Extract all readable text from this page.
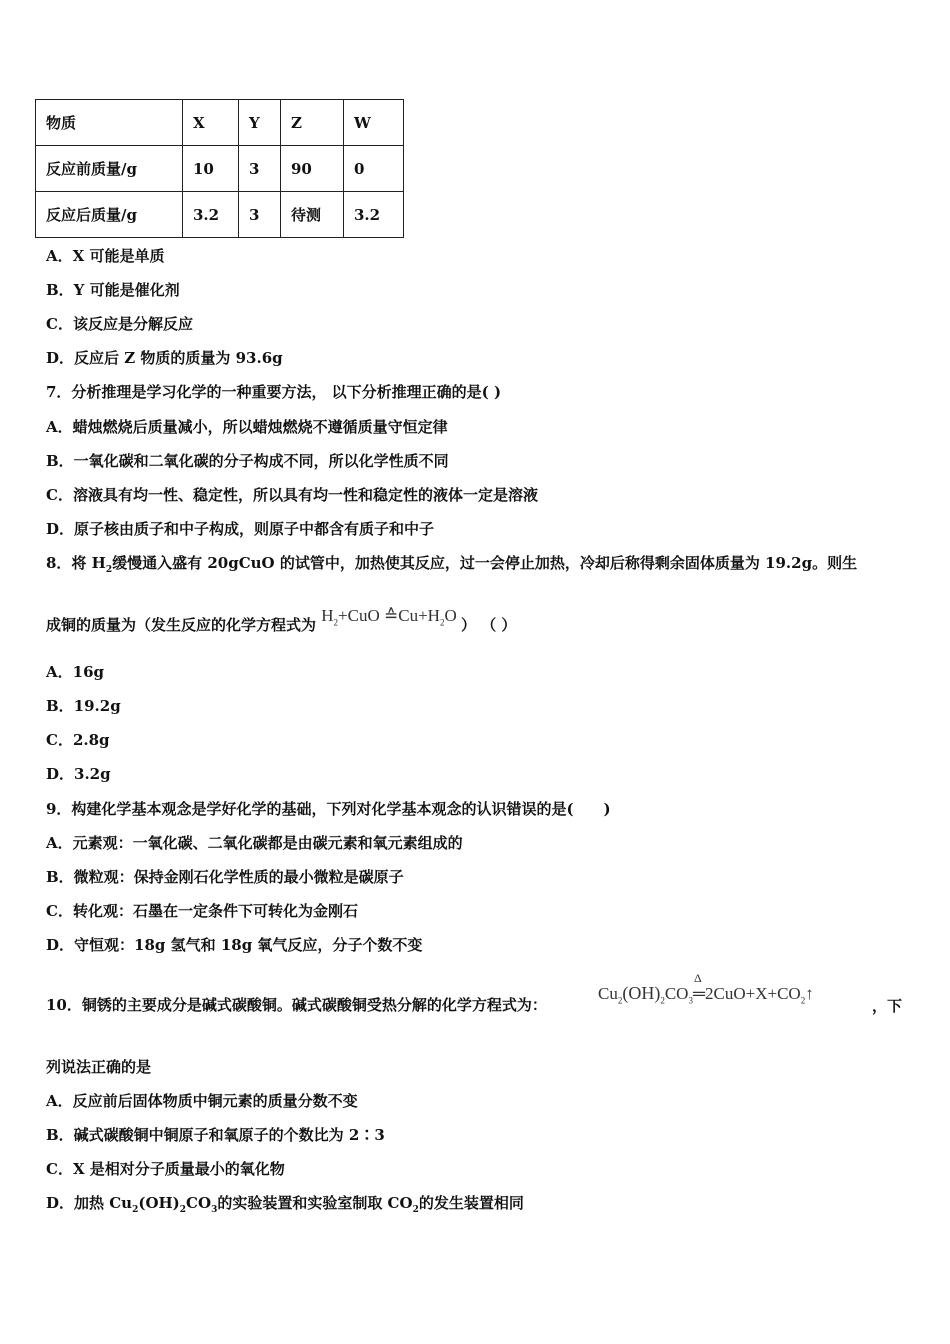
物质	X	Y	Z	W
反应前质量/g	10	3	90	0
反应后质量/g	3.2	3	待测	3.2
A．X 可能是单质
B．Y 可能是催化剂
C．该反应是分解反应
D．反应后 Z 物质的质量为 93.6g
7．分析推理是学习化学的一种重要方法， 以下分析推理正确的是( )
A．蜡烛燃烧后质量减小，所以蜡烛燃烧不遵循质量守恒定律
B．一氧化碳和二氧化碳的分子构成不同，所以化学性质不同
C．溶液具有均一性、稳定性，所以具有均一性和稳定性的液体一定是溶液
D．原子核由质子和中子构成，则原子中都含有质子和中子
8．将 $H_2$缓慢通入盛有 20gCuO 的试管中，加热使其反应，过一会停止加热，冷却后称得剩余固体质量为 19.2g。则生
成铜的质量为（发生反应的化学方程式为 $H_2+CuO$ $≙Cu+H_2O$ ） （ ）
A．16g
B．19.2g
C．2.8g
D．3.2g
9．构建化学基本观念是学好化学的基础，下列对化学基本观念的认识错误的是(　　)
A．元素观：一氧化碳、二氧化碳都是由碳元素和氧元素组成的
B．微粒观：保持金刚石化学性质的最小微粒是碳原子
C．转化观：石墨在一定条件下可转化为金刚石
D．守恒观：18g 氢气和 18g 氧气反应，分子个数不变
10．铜锈的主要成分是碱式碳酸铜。碱式碳酸铜受热分解的化学方程式为：
$Cu_2(OH)_2CO_3$
Δ
$═2CuO+X+CO_2↑$
，下
列说法正确的是
A．反应前后固体物质中铜元素的质量分数不变
B．碱式碳酸铜中铜原子和氧原子的个数比为 2∶3
C．X 是相对分子质量最小的氧化物
D．加热 $Cu_2(OH)_2CO_3$的实验装置和实验室制取 $CO_2$的发生装置相同
